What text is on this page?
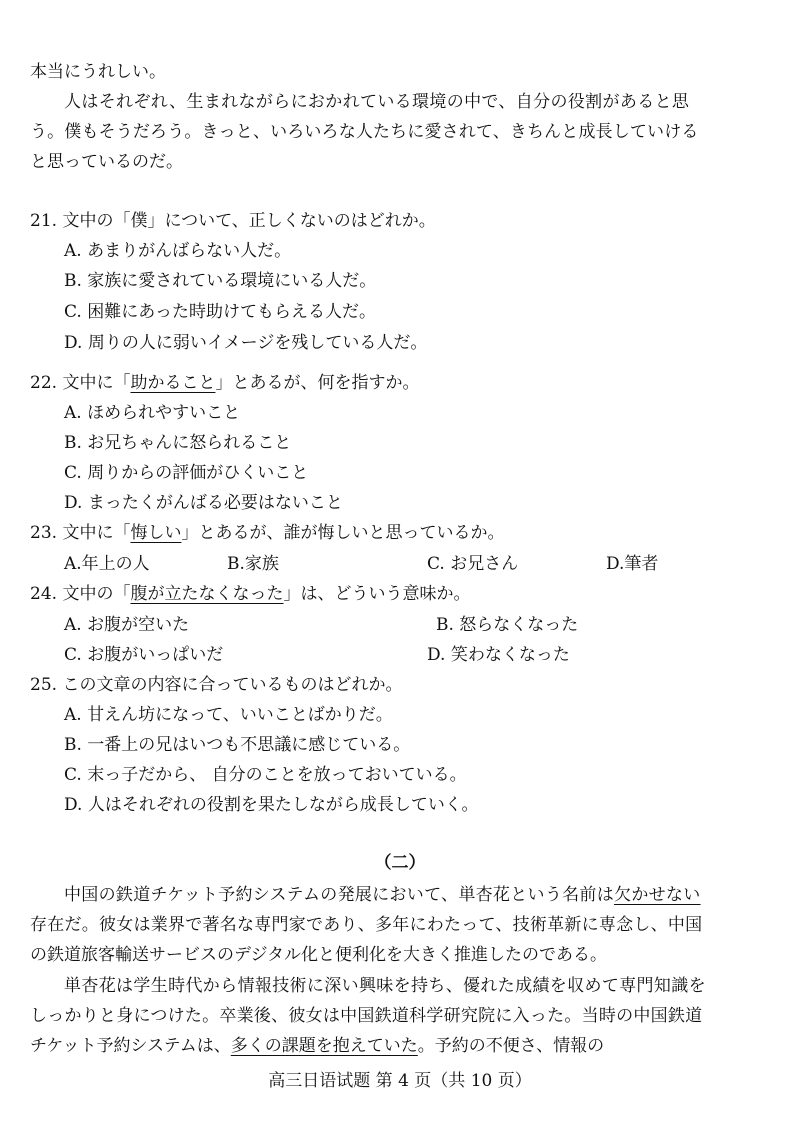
本当にうれしい。
人はそれぞれ、生まれながらにおかれている環境の中で、自分の役割があると思
う。僕もそうだろう。きっと、いろいろな人たちに愛されて、きちんと成長していける
と思っているのだ。
21. 文中の「僕」について、正しくないのはどれか。
A. あまりがんばらない人だ。
B. 家族に愛されている環境にいる人だ。
C. 困難にあった時助けてもらえる人だ。
D. 周りの人に弱いイメージを残している人だ。
22. 文中に「助かること」とあるが、何を指すか。
A. ほめられやすいこと
B. お兄ちゃんに怒られること
C. 周りからの評価がひくいこと
D. まったくがんばる必要はないこと
23. 文中に「悔しい」とあるが、誰が悔しいと思っているか。
A.年上の人	B.家族	C. お兄さん	D.筆者
24. 文中の「腹が立たなくなった」は、どういう意味か。
A. お腹が空いた	B. 怒らなくなった
C. お腹がいっぱいだ	D. 笑わなくなった
25. この文章の内容に合っているものはどれか。
A. 甘えん坊になって、いいことばかりだ。
B. 一番上の兄はいつも不思議に感じている。
C. 末っ子だから、 自分のことを放っておいている。
D. 人はそれぞれの役割を果たしながら成長していく。
（二）
中国の鉄道チケット予約システムの発展において、単杏花という名前は欠かせない
存在だ。彼女は業界で著名な専門家であり、多年にわたって、技術革新に専念し、中国
の鉄道旅客輸送サービスのデジタル化と便利化を大きく推進したのである。
単杏花は学生時代から情報技術に深い興味を持ち、優れた成績を収めて専門知識を
しっかりと身につけた。卒業後、彼女は中国鉄道科学研究院に入った。当時の中国鉄道
チケット予約システムは、多くの課題を抱えていた。予約の不便さ、情報の
高三日语试题 第 4 页（共 10 页）
